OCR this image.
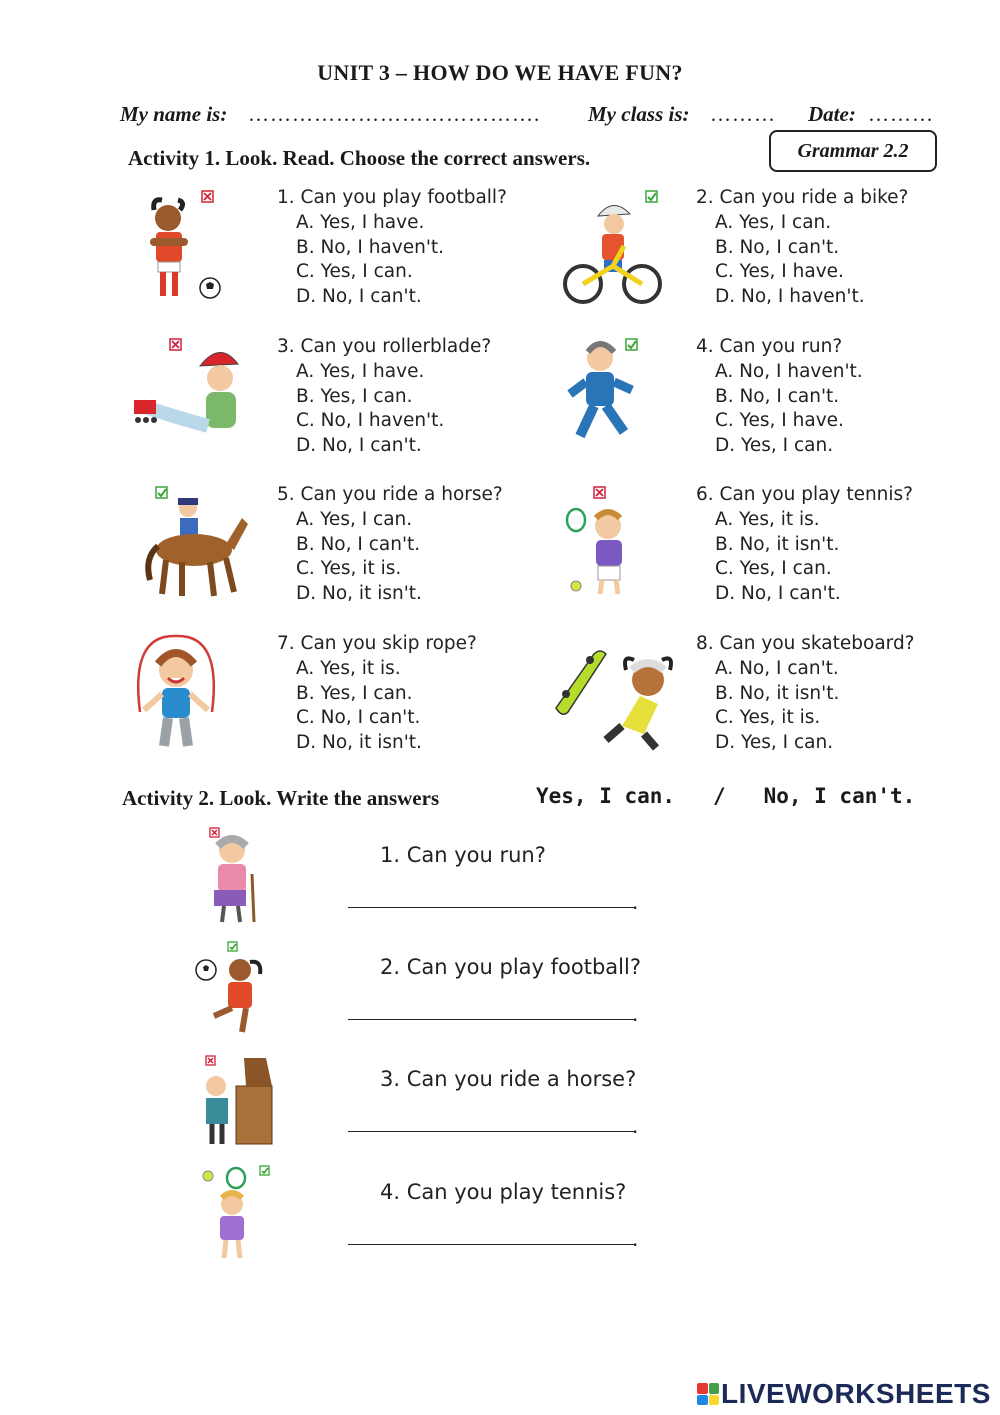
UNIT 3 – HOW DO WE HAVE FUN?
My name is: …………………………………. My class is: ……… Date: ………
Activity 1. Look. Read. Choose the correct answers.	Grammar 2.2
1. Can you play football?
A. Yes, I have.
B. No, I haven't.
C. Yes, I can.
D. No, I can't.
2. Can you ride a bike?
A. Yes, I can.
B. No, I can't.
C. Yes, I have.
D. No, I haven't.
3. Can you rollerblade?
A. Yes, I have.
B. Yes, I can.
C. No, I haven't.
D. No, I can't.
4. Can you run?
A. No, I haven't.
B. No, I can't.
C. Yes, I have.
D. Yes, I can.
5. Can you ride a horse?
A. Yes, I can.
B. No, I can't.
C. Yes, it is.
D. No, it isn't.
6. Can you play tennis?
A. Yes, it is.
B. No, it isn't.
C. Yes, I can.
D. No, I can't.
7. Can you skip rope?
A. Yes, it is.
B. Yes, I can.
C. No, I can't.
D. No, it isn't.
8. Can you skateboard?
A. No, I can't.
B. No, it isn't.
C. Yes, it is.
D. Yes, I can.
Activity 2. Look. Write the answers	Yes, I can.   /   No, I can't.
1. Can you run?
.
2. Can you play football?
.
3. Can you ride a horse?
.
4. Can you play tennis?
.
LIVEWORKSHEETS
